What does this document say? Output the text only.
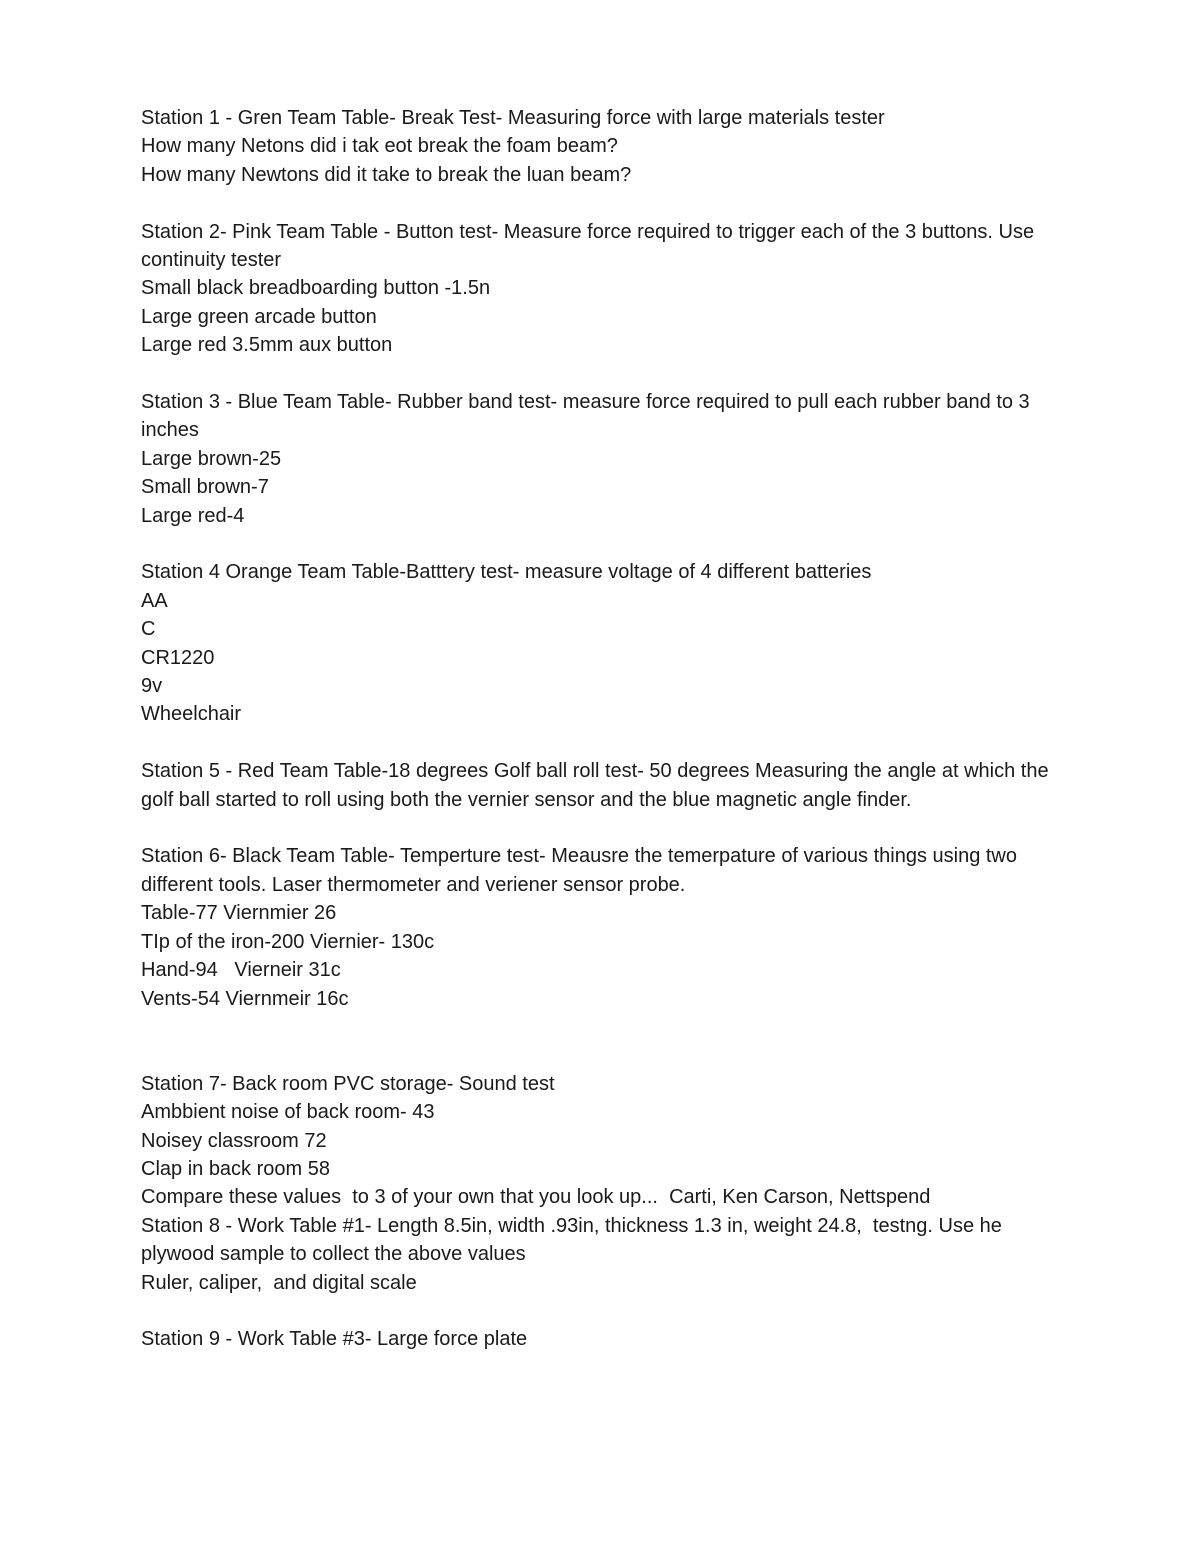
Station 1 - Gren Team Table- Break Test- Measuring force with large materials tester

How many Netons did i tak eot break the foam beam?

How many Newtons did it take to break the luan beam?

Station 2- Pink Team Table - Button test- Measure force required to trigger each of the 3 buttons. Use continuity tester

Small black breadboarding button -1.5n

Large green arcade button

Large red 3.5mm aux button

Station 3 - Blue Team Table- Rubber band test- measure force required to pull each rubber band to 3 inches

Large brown-25

Small brown-7

Large red-4

Station 4 Orange Team Table-Batttery test- measure voltage of 4 different batteries

AA

C

CR1220

9v

Wheelchair

Station 5 - Red Team Table-18 degrees Golf ball roll test- 50 degrees Measuring the angle at which the golf ball started to roll using both the vernier sensor and the blue magnetic angle finder.

Station 6- Black Team Table- Temperture test- Meausre the temerpature of various things using two different tools. Laser thermometer and veriener sensor probe.

Table-77 Viernmier 26

TIp of the iron-200 Viernier- 130c

Hand-94   Vierneir 31c

Vents-54 Viernmeir 16c

Station 7- Back room PVC storage- Sound test

Ambbient noise of back room- 43

Noisey classroom 72

Clap in back room 58

Compare these values  to 3 of your own that you look up...  Carti, Ken Carson, Nettspend

Station 8 - Work Table #1- Length 8.5in, width .93in, thickness 1.3 in, weight 24.8,  testng. Use he  plywood sample to collect the above values

Ruler, caliper,  and digital scale

Station 9 - Work Table #3- Large force plate
